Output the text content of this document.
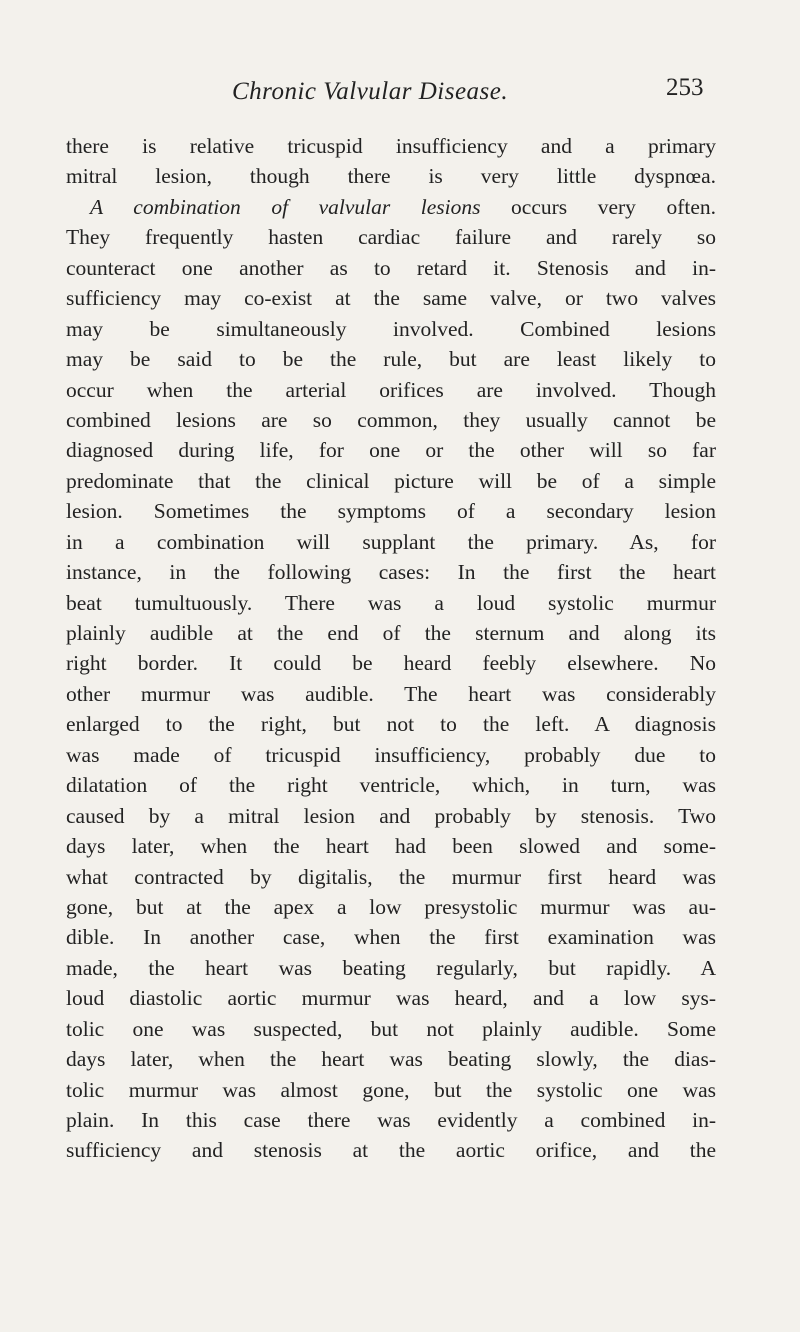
Chronic Valvular Disease.	253
there is relative tricuspid insufficiency and a primary
mitral lesion, though there is very little dyspnœa.
A combination of valvular lesions occurs very often.
They frequently hasten cardiac failure and rarely so
counteract one another as to retard it. Stenosis and in-
sufficiency may co-exist at the same valve, or two valves
may be simultaneously involved. Combined lesions
may be said to be the rule, but are least likely to
occur when the arterial orifices are involved. Though
combined lesions are so common, they usually cannot be
diagnosed during life, for one or the other will so far
predominate that the clinical picture will be of a simple
lesion. Sometimes the symptoms of a secondary lesion
in a combination will supplant the primary. As, for
instance, in the following cases: In the first the heart
beat tumultuously. There was a loud systolic murmur
plainly audible at the end of the sternum and along its
right border. It could be heard feebly elsewhere. No
other murmur was audible. The heart was considerably
enlarged to the right, but not to the left. A diagnosis
was made of tricuspid insufficiency, probably due to
dilatation of the right ventricle, which, in turn, was
caused by a mitral lesion and probably by stenosis. Two
days later, when the heart had been slowed and some-
what contracted by digitalis, the murmur first heard was
gone, but at the apex a low presystolic murmur was au-
dible. In another case, when the first examination was
made, the heart was beating regularly, but rapidly. A
loud diastolic aortic murmur was heard, and a low sys-
tolic one was suspected, but not plainly audible. Some
days later, when the heart was beating slowly, the dias-
tolic murmur was almost gone, but the systolic one was
plain. In this case there was evidently a combined in-
sufficiency and stenosis at the aortic orifice, and the
